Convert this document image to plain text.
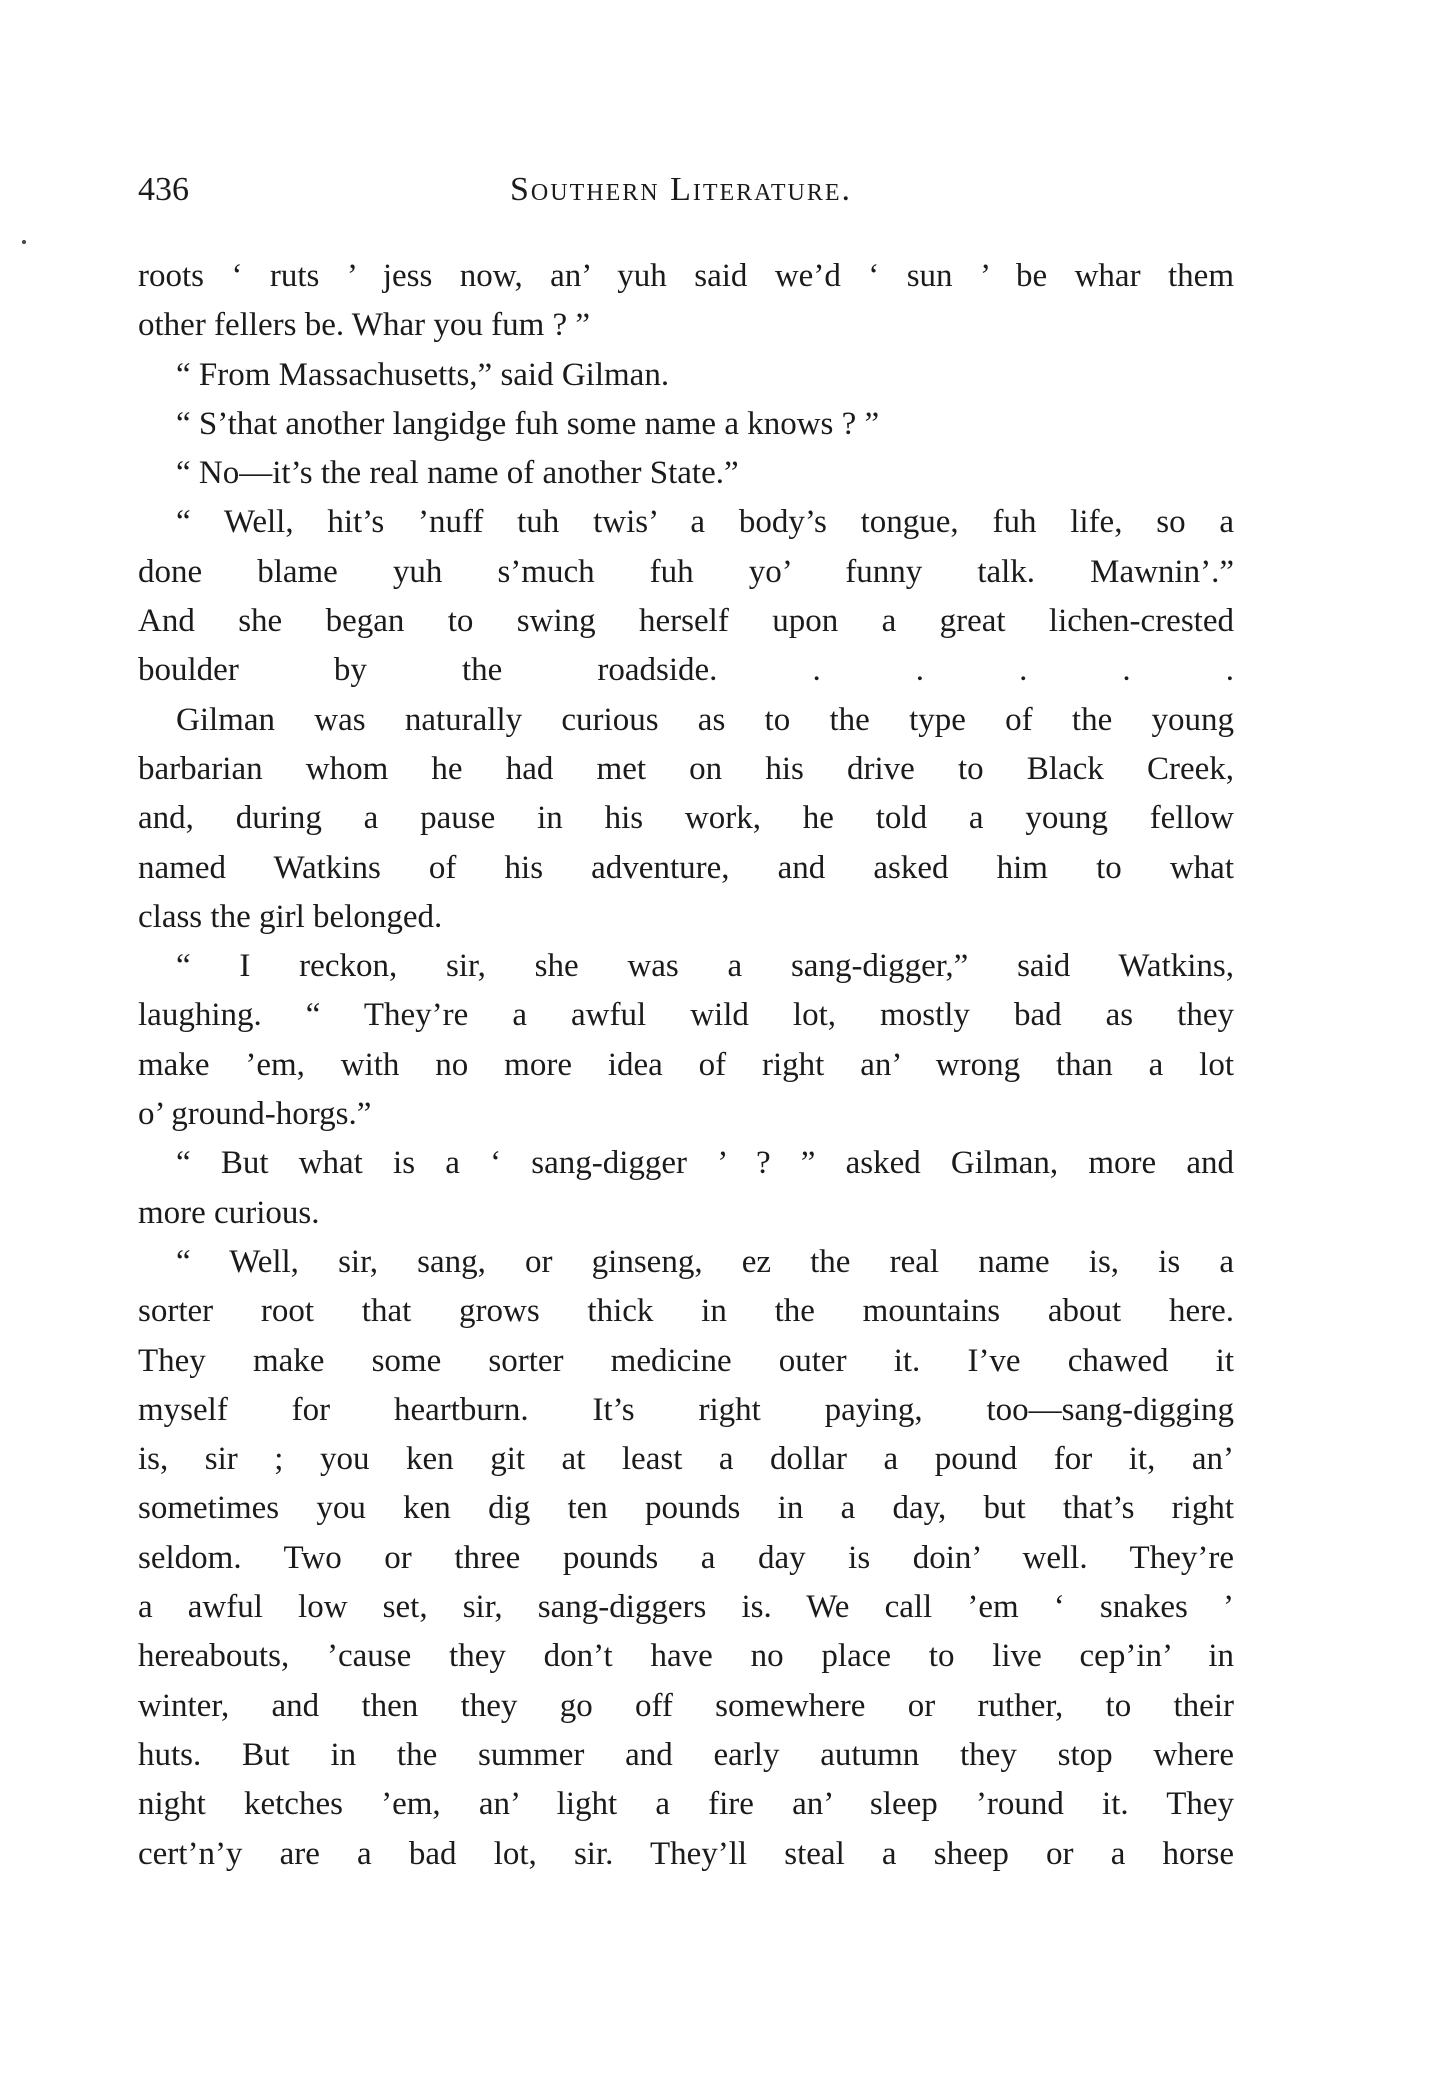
436	Southern Literature.
roots ‘ ruts ’ jess now, an’ yuh said we’d ‘ sun ’ be whar them
other fellers be. Whar you fum ? ”
“ From Massachusetts,” said Gilman.
“ S’that another langidge fuh some name a knows ? ”
“ No—it’s the real name of another State.”
“ Well, hit’s ’nuff tuh twis’ a body’s tongue, fuh life, so a
done blame yuh s’much fuh yo’ funny talk. Mawnin’.”
And she began to swing herself upon a great lichen-crested
boulder by the roadside. . . . . .
Gilman was naturally curious as to the type of the young
barbarian whom he had met on his drive to Black Creek,
and, during a pause in his work, he told a young fellow
named Watkins of his adventure, and asked him to what
class the girl belonged.
“ I reckon, sir, she was a sang-digger,” said Watkins,
laughing. “ They’re a awful wild lot, mostly bad as they
make ’em, with no more idea of right an’ wrong than a lot
o’ ground-horgs.”
“ But what is a ‘ sang-digger ’ ? ” asked Gilman, more and
more curious.
“ Well, sir, sang, or ginseng, ez the real name is, is a
sorter root that grows thick in the mountains about here.
They make some sorter medicine outer it. I’ve chawed it
myself for heartburn. It’s right paying, too—sang-digging
is, sir ; you ken git at least a dollar a pound for it, an’
sometimes you ken dig ten pounds in a day, but that’s right
seldom. Two or three pounds a day is doin’ well. They’re
a awful low set, sir, sang-diggers is. We call ’em ‘ snakes ’
hereabouts, ’cause they don’t have no place to live cep’in’ in
winter, and then they go off somewhere or ruther, to their
huts. But in the summer and early autumn they stop where
night ketches ’em, an’ light a fire an’ sleep ’round it. They
cert’n’y are a bad lot, sir. They’ll steal a sheep or a horse
